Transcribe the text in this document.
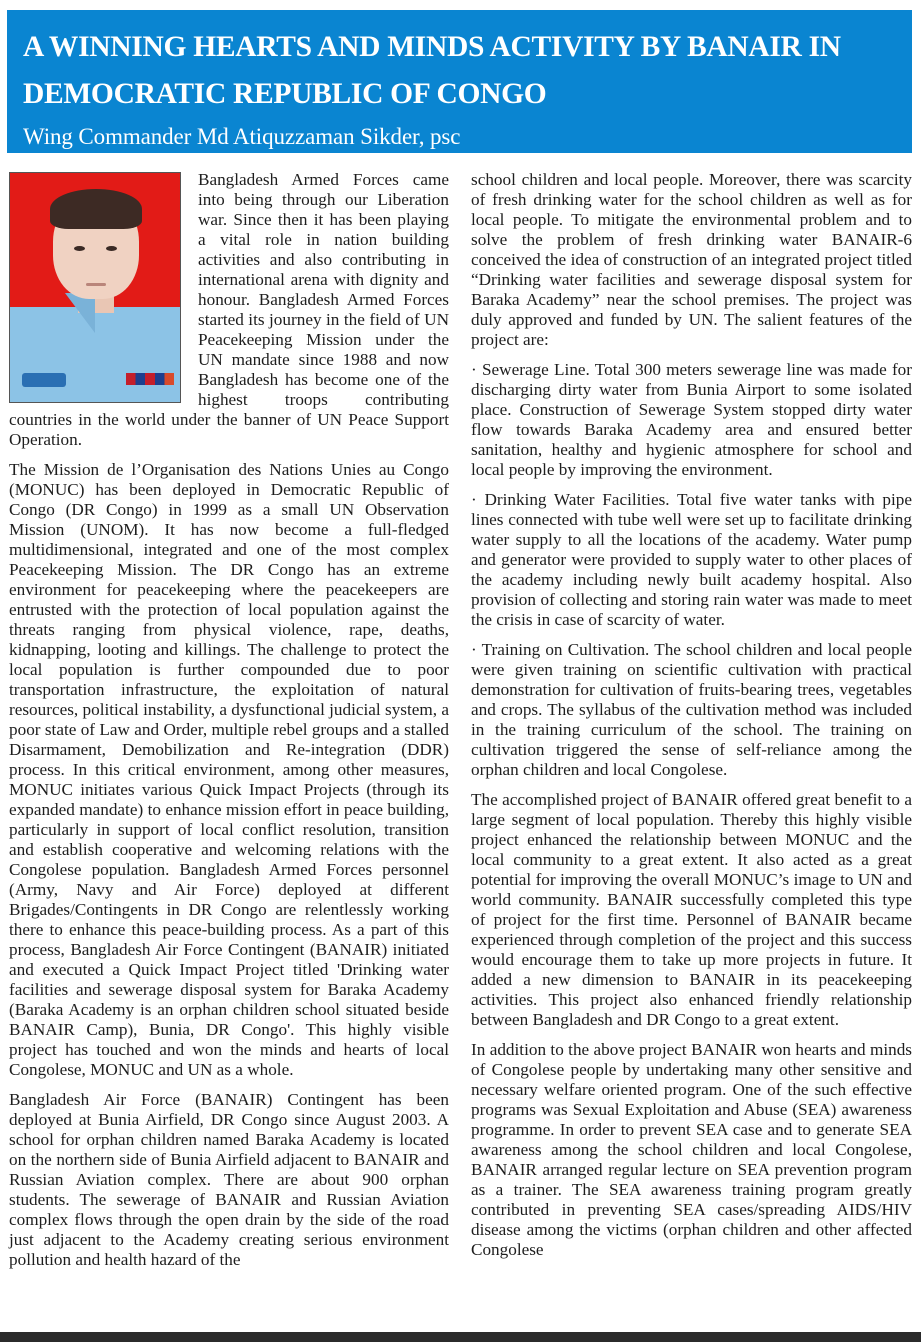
A WINNING HEARTS AND MINDS ACTIVITY BY BANAIR IN
DEMOCRATIC REPUBLIC OF CONGO
Wing Commander Md Atiquzzaman Sikder, psc

Bangladesh Armed Forces came into being through our Liberation war. Since then it has been playing a vital role in nation building activities and also contributing in international arena with dignity and honour. Bangladesh Armed Forces started its journey in the field of UN Peacekeeping Mission under the UN mandate since 1988 and now Bangladesh has become one of the highest troops contributing countries in the world under the banner of UN Peace Support Operation.

The Mission de l’Organisation des Nations Unies au Congo (MONUC) has been deployed in Democratic Republic of Congo (DR Congo) in 1999 as a small UN Observation Mission (UNOM). It has now become a full-fledged multidimensional, integrated and one of the most complex Peacekeeping Mission. The DR Congo has an extreme environment for peacekeeping where the peacekeepers are entrusted with the protection of local population against the threats ranging from physical violence, rape, deaths, kidnapping, looting and killings. The challenge to protect the local population is further compounded due to poor transportation infrastructure, the exploitation of natural resources, political instability, a dysfunctional judicial system, a poor state of Law and Order, multiple rebel groups and a stalled Disarmament, Demobilization and Re-integration (DDR) process. In this critical environment, among other measures, MONUC initiates various Quick Impact Projects (through its expanded mandate) to enhance mission effort in peace building, particularly in support of local conflict resolution, transition and establish cooperative and welcoming relations with the Congolese population. Bangladesh Armed Forces personnel (Army, Navy and Air Force) deployed at different Brigades/Contingents in DR Congo are relentlessly working there to enhance this peace-building process. As a part of this process, Bangladesh Air Force Contingent (BANAIR) initiated and executed a Quick Impact Project titled 'Drinking water facilities and sewerage disposal system for Baraka Academy (Baraka Academy is an orphan children school situated beside BANAIR Camp), Bunia, DR Congo'. This highly visible project has touched and won the minds and hearts of local Congolese, MONUC and UN as a whole.

Bangladesh Air Force (BANAIR) Contingent has been deployed at Bunia Airfield, DR Congo since August 2003. A school for orphan children named Baraka Academy is located on the northern side of Bunia Airfield adjacent to BANAIR and Russian Aviation complex. There are about 900 orphan students. The sewerage of BANAIR and Russian Aviation complex flows through the open drain by the side of the road just adjacent to the Academy creating serious environment pollution and health hazard of the

school children and local people. Moreover, there was scarcity of fresh drinking water for the school children as well as for local people. To mitigate the environmental problem and to solve the problem of fresh drinking water BANAIR-6 conceived the idea of construction of an integrated project titled “Drinking water facilities and sewerage disposal system for Baraka Academy” near the school premises. The project was duly approved and funded by UN. The salient features of the project are:

· Sewerage Line. Total 300 meters sewerage line was made for discharging dirty water from Bunia Airport to some isolated place. Construction of Sewerage System stopped dirty water flow towards Baraka Academy area and ensured better sanitation, healthy and hygienic atmosphere for school and local people by improving the environment.

· Drinking Water Facilities. Total five water tanks with pipe lines connected with tube well were set up to facilitate drinking water supply to all the locations of the academy. Water pump and generator were provided to supply water to other places of the academy including newly built academy hospital. Also provision of collecting and storing rain water was made to meet the crisis in case of scarcity of water.

· Training on Cultivation. The school children and local people were given training on scientific cultivation with practical demonstration for cultivation of fruits-bearing trees, vegetables and crops. The syllabus of the cultivation method was included in the training curriculum of the school. The training on cultivation triggered the sense of self-reliance among the orphan children and local Congolese.

The accomplished project of BANAIR offered great benefit to a large segment of local population. Thereby this highly visible project enhanced the relationship between MONUC and the local community to a great extent. It also acted as a great potential for improving the overall MONUC’s image to UN and world community. BANAIR successfully completed this type of project for the first time. Personnel of BANAIR became experienced through completion of the project and this success would encourage them to take up more projects in future. It added a new dimension to BANAIR in its peacekeeping activities. This project also enhanced friendly relationship between Bangladesh and DR Congo to a great extent.

In addition to the above project BANAIR won hearts and minds of Congolese people by undertaking many other sensitive and necessary welfare oriented program. One of the such effective programs was Sexual Exploitation and Abuse (SEA) awareness programme. In order to prevent SEA case and to generate SEA awareness among the school children and local Congolese, BANAIR arranged regular lecture on SEA prevention program as a trainer. The SEA awareness training program greatly contributed in preventing SEA cases/spreading AIDS/HIV disease among the victims (orphan children and other affected Congolese
